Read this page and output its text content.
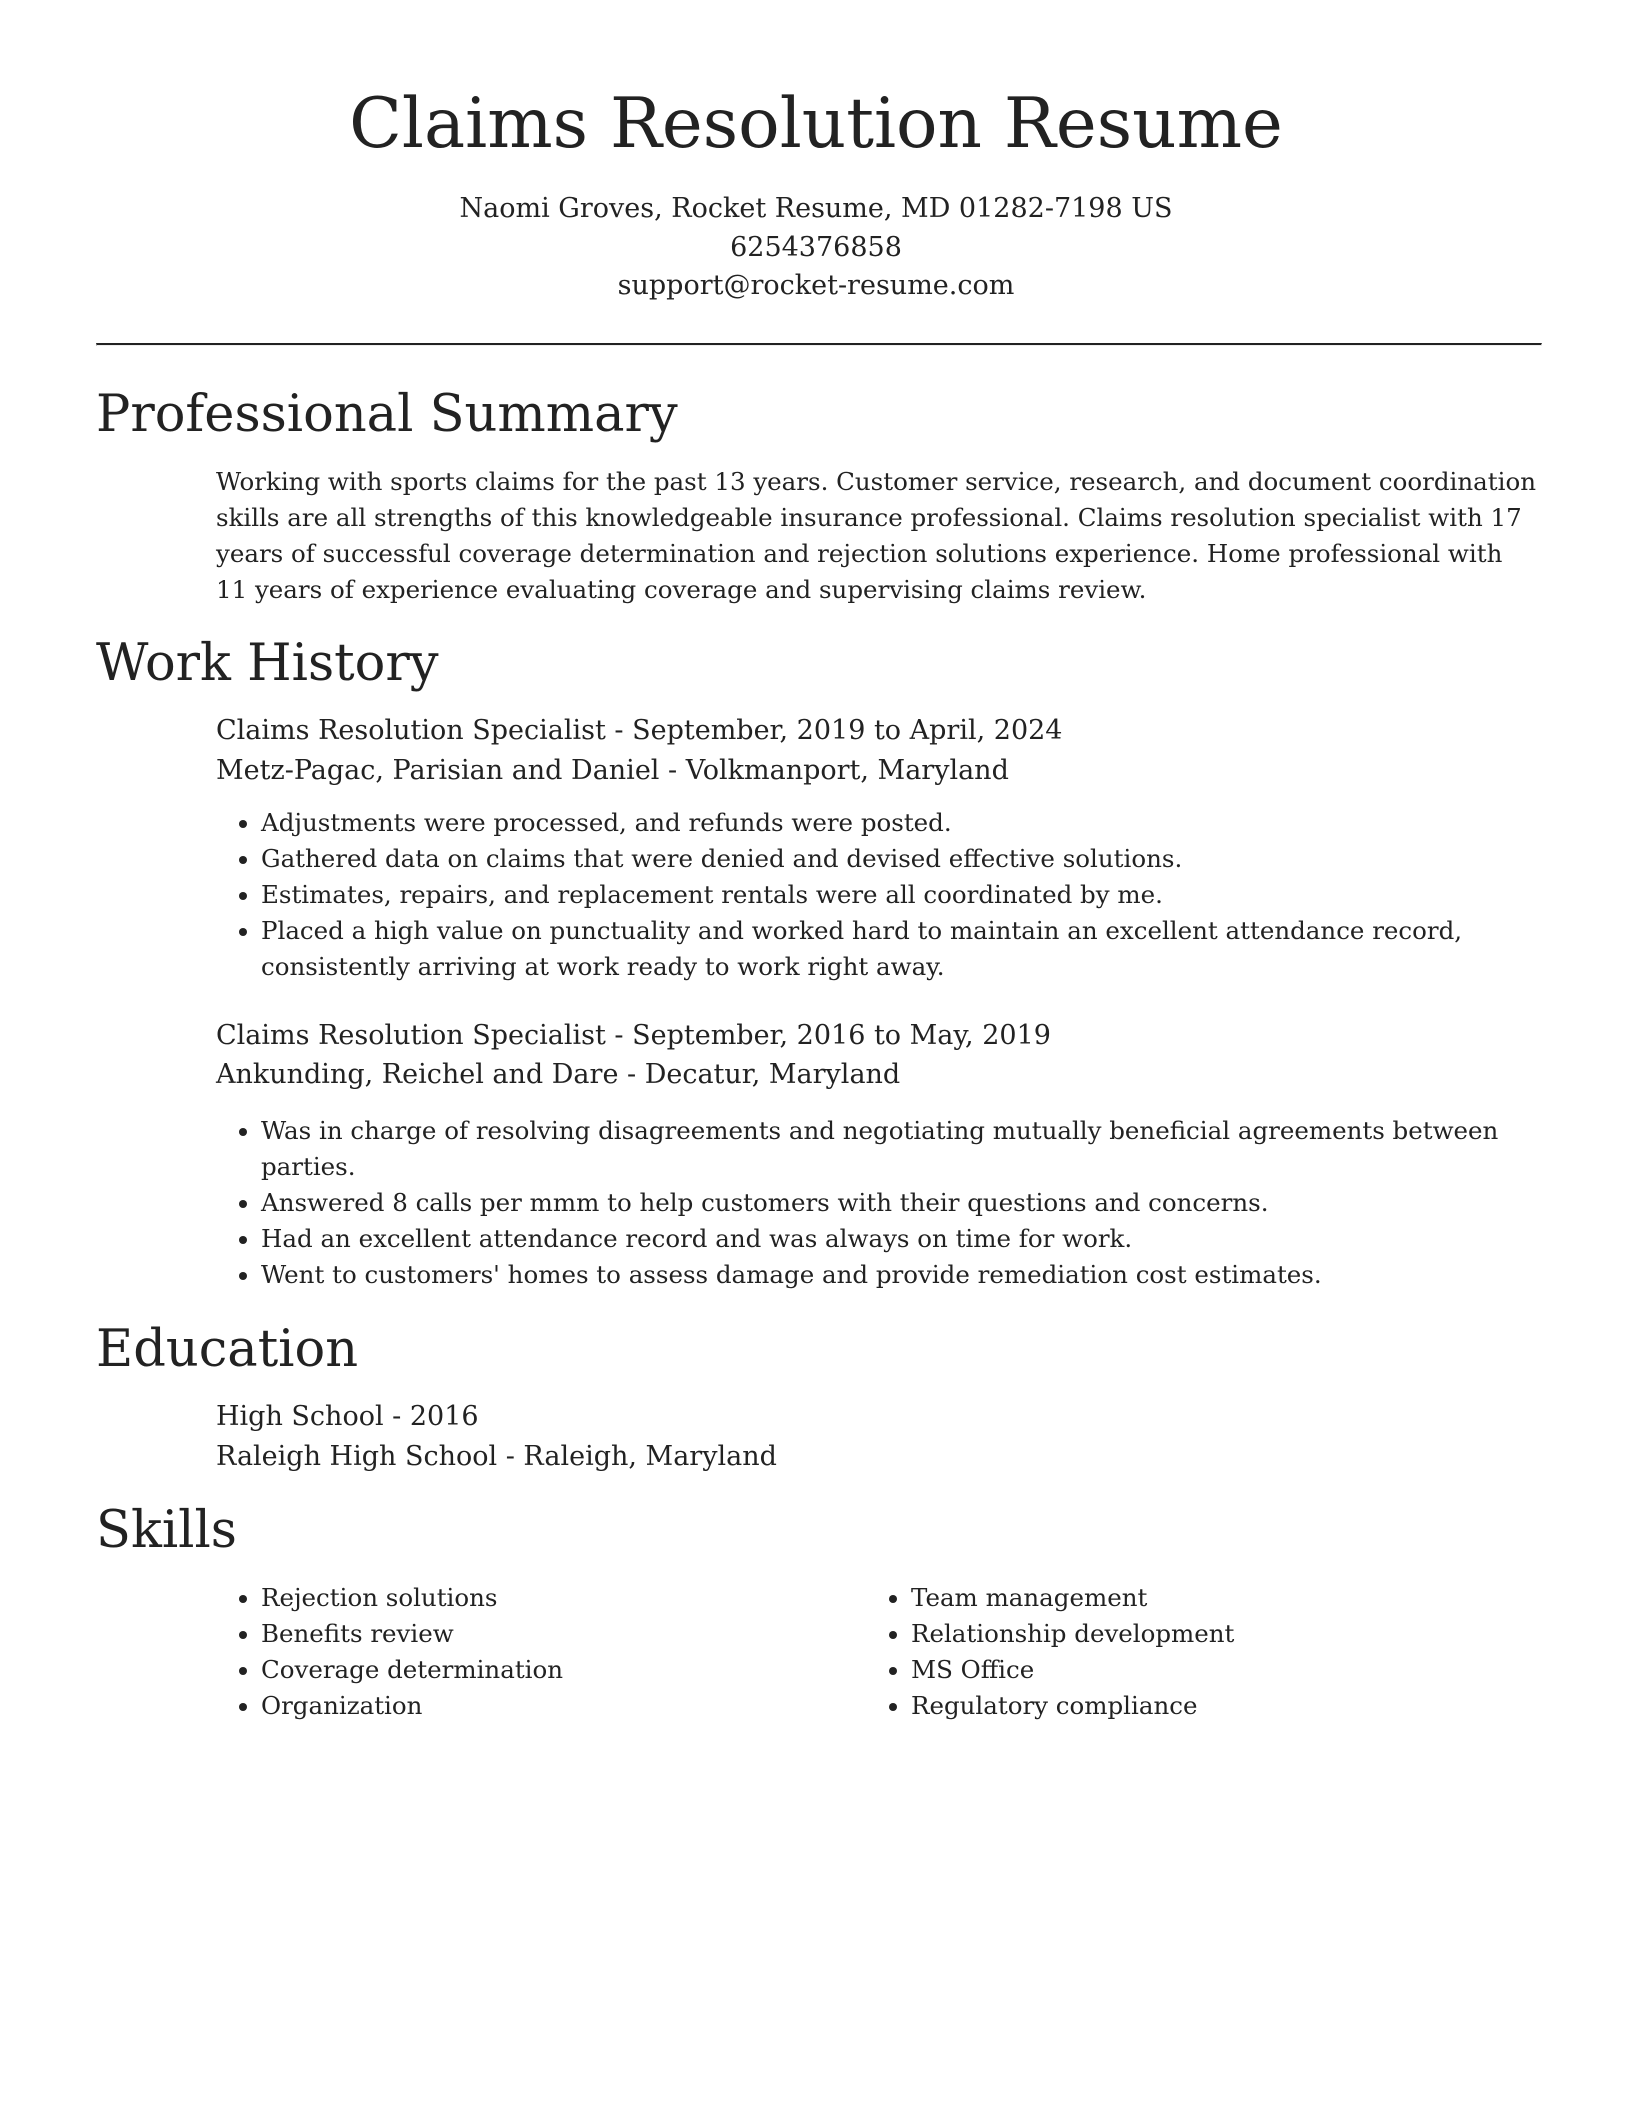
Claims Resolution Resume

Naomi Groves, Rocket Resume, MD 01282-7198 US

6254376858

support@rocket-resume.com

Professional Summary

Working with sports claims for the past 13 years. Customer service, research, and document coordination skills are all strengths of this knowledgeable insurance professional. Claims resolution specialist with 17 years of successful coverage determination and rejection solutions experience. Home professional with 11 years of experience evaluating coverage and supervising claims review.

Work History

Claims Resolution Specialist - September, 2019 to April, 2024

Metz-Pagac, Parisian and Daniel - Volkmanport, Maryland

• Adjustments were processed, and refunds were posted.
• Gathered data on claims that were denied and devised effective solutions.
• Estimates, repairs, and replacement rentals were all coordinated by me.
• Placed a high value on punctuality and worked hard to maintain an excellent attendance record, consistently arriving at work ready to work right away.

Claims Resolution Specialist - September, 2016 to May, 2019

Ankunding, Reichel and Dare - Decatur, Maryland

• Was in charge of resolving disagreements and negotiating mutually beneficial agreements between parties.
• Answered 8 calls per mmm to help customers with their questions and concerns.
• Had an excellent attendance record and was always on time for work.
• Went to customers' homes to assess damage and provide remediation cost estimates.
Education

High School - 2016

Raleigh High School - Raleigh, Maryland

Skills
• Rejection solutions
• Benefits review
• Coverage determination
• Organization
• Team management
• Relationship development
• MS Office
• Regulatory compliance
